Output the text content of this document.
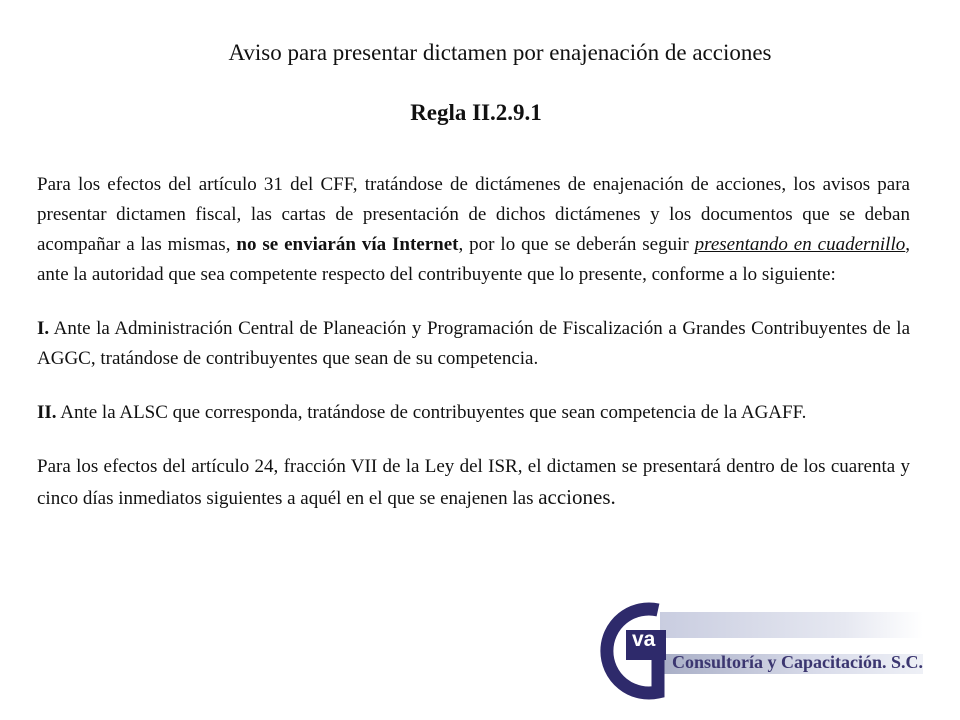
Aviso para presentar dictamen por enajenación de acciones
Regla II.2.9.1

Para los efectos del artículo 31 del CFF, tratándose de dictámenes de enajenación de acciones, los avisos para presentar dictamen fiscal, las cartas de presentación de dichos dictámenes y los documentos que se deban acompañar a las mismas, no se enviarán vía Internet, por lo que se deberán seguir presentando en cuadernillo, ante la autoridad que sea competente respecto del contribuyente que lo presente, conforme a lo siguiente:

I. Ante la Administración Central de Planeación y Programación de Fiscalización a Grandes Contribuyentes de la AGGC, tratándose de contribuyentes que sean de su competencia.

II. Ante la ALSC que corresponda, tratándose de contribuyentes que sean competencia de la AGAFF.

Para los efectos del artículo 24, fracción VII de la Ley del ISR, el dictamen se presentará dentro de los cuarenta y cinco días inmediatos siguientes a aquél en el que se enajenen las acciones.

va
Consultoría y Capacitación. S.C.
